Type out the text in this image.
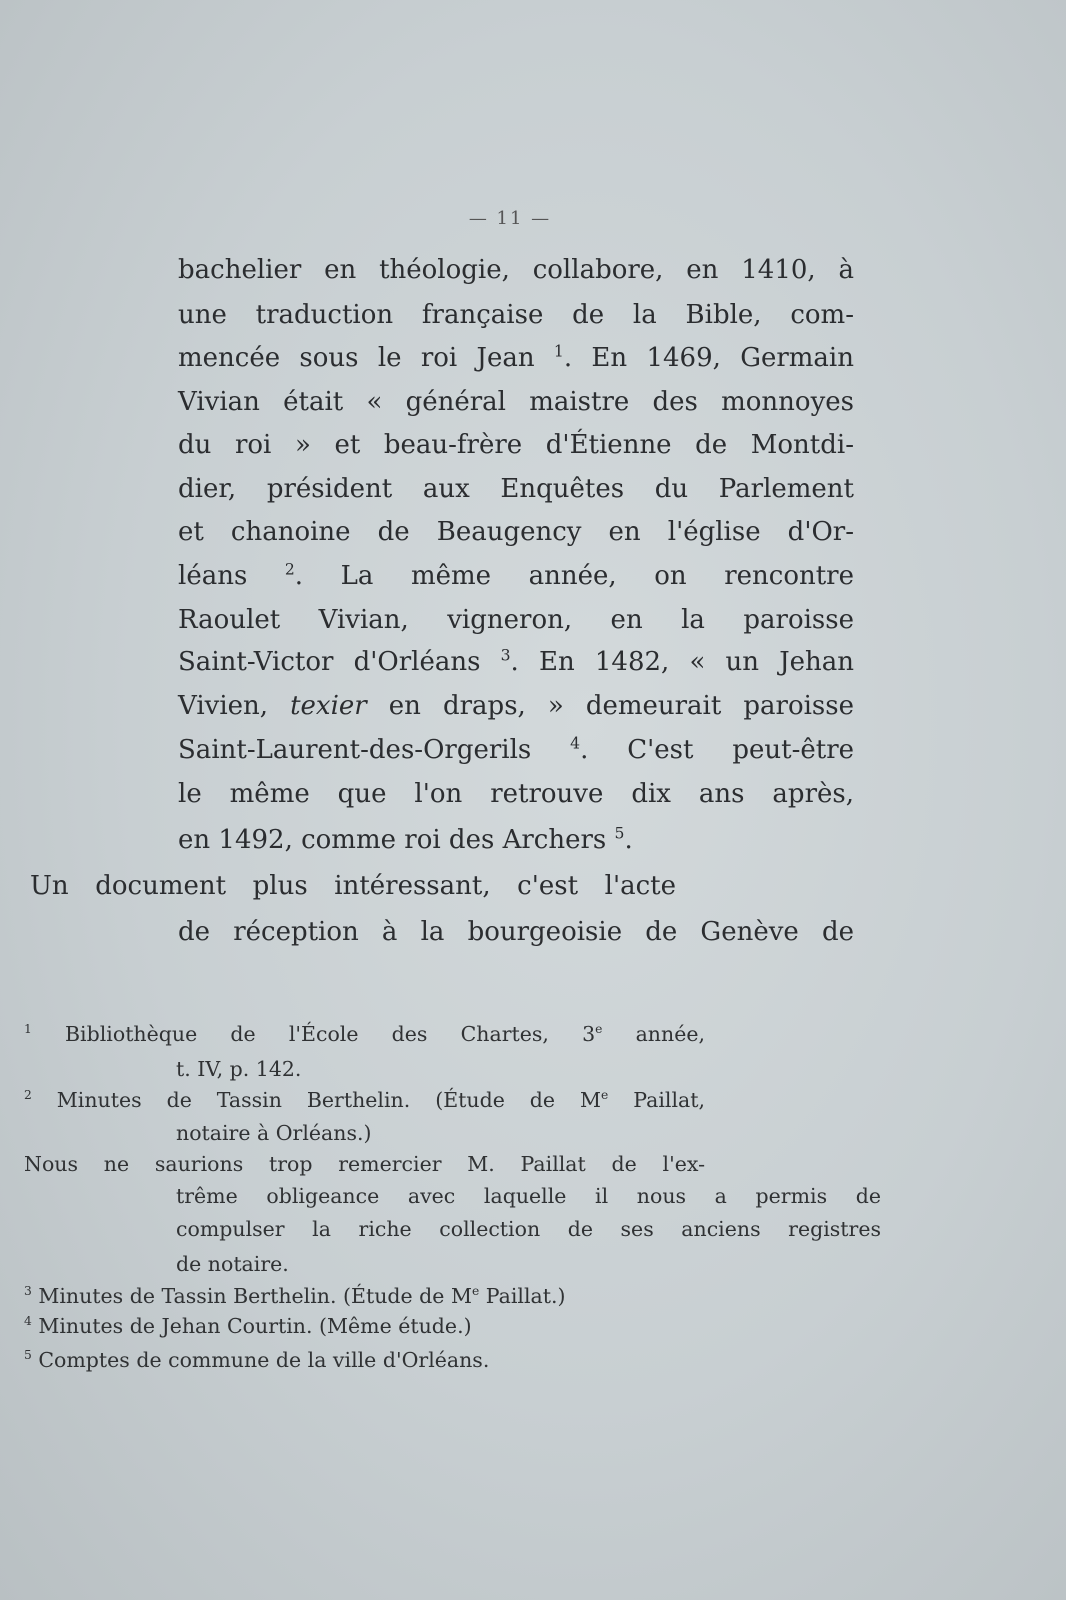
— 11 —
bachelier en théologie, collabore, en 1410, à
une traduction française de la Bible, com-
mencée sous le roi Jean $^1$. En 1469, Germain
Vivian était « général maistre des monnoyes
du roi » et beau-frère d'Étienne de Montdi-
dier, président aux Enquêtes du Parlement
et chanoine de Beaugency en l'église d'Or-
léans $^2$. La même année, on rencontre
Raoulet Vivian, vigneron, en la paroisse
Saint-Victor d'Orléans $^3$. En 1482, « un Jehan
Vivien, texier en draps, » demeurait paroisse
Saint-Laurent-des-Orgerils $^4$. C'est peut-être
le même que l'on retrouve dix ans après,
en 1492, comme roi des Archers $^5$.
Un document plus intéressant, c'est l'acte
de réception à la bourgeoisie de Genève de
$^1$ Bibliothèque de l'École des Chartes, 3e année,
t. IV, p. 142.
$^2$ Minutes de Tassin Berthelin. (Étude de Me Paillat,
notaire à Orléans.)
Nous ne saurions trop remercier M. Paillat de l'ex-
trême obligeance avec laquelle il nous a permis de
compulser la riche collection de ses anciens registres
de notaire.
$^3$ Minutes de Tassin Berthelin. (Étude de Me Paillat.)
$^4$ Minutes de Jehan Courtin. (Même étude.)
$^5$ Comptes de commune de la ville d'Orléans.
